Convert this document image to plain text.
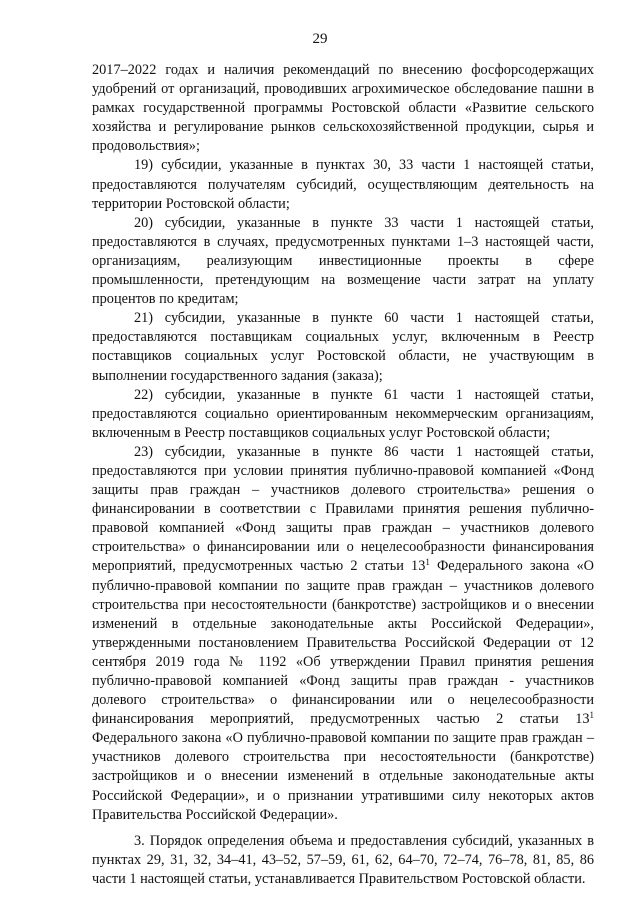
29

2017–2022 годах и наличия рекомендаций по внесению фосфорсодержащих удобрений от организаций, проводивших агрохимическое обследование пашни в рамках государственной программы Ростовской области «Развитие сельского хозяйства и регулирование рынков сельскохозяйственной продукции, сырья и продовольствия»;

19) субсидии, указанные в пунктах 30, 33 части 1 настоящей статьи, предоставляются получателям субсидий, осуществляющим деятельность на территории Ростовской области;

20) субсидии, указанные в пункте 33 части 1 настоящей статьи, предоставляются в случаях, предусмотренных пунктами 1–3 настоящей части, организациям, реализующим инвестиционные проекты в сфере промышленности, претендующим на возмещение части затрат на уплату процентов по кредитам;

21) субсидии, указанные в пункте 60 части 1 настоящей статьи, предоставляются поставщикам социальных услуг, включенным в Реестр поставщиков социальных услуг Ростовской области, не участвующим в выполнении государственного задания (заказа);

22) субсидии, указанные в пункте 61 части 1 настоящей статьи, предоставляются социально ориентированным некоммерческим организациям, включенным в Реестр поставщиков социальных услуг Ростовской области;

23) субсидии, указанные в пункте 86 части 1 настоящей статьи, предоставляются при условии принятия публично-правовой компанией «Фонд защиты прав граждан – участников долевого строительства» решения о финансировании в соответствии с Правилами принятия решения публично-правовой компанией «Фонд защиты прав граждан – участников долевого строительства» о финансировании или о нецелесообразности финансирования мероприятий, предусмотренных частью 2 статьи $13^1$ Федерального закона «О публично-правовой компании по защите прав граждан – участников долевого строительства при несостоятельности (банкротстве) застройщиков и о внесении изменений в отдельные законодательные акты Российской Федерации», утвержденными постановлением Правительства Российской Федерации от 12 сентября 2019 года № 1192 «Об утверждении Правил принятия решения публично-правовой компанией «Фонд защиты прав граждан - участников долевого строительства» о финансировании или о нецелесообразности финансирования мероприятий, предусмотренных частью 2 статьи $13^1$ Федерального закона «О публично-правовой компании по защите прав граждан – участников долевого строительства при несостоятельности (банкротстве) застройщиков и о внесении изменений в отдельные законодательные акты Российской Федерации», и о признании утратившими силу некоторых актов Правительства Российской Федерации».

3. Порядок определения объема и предоставления субсидий, указанных в пунктах 29, 31, 32, 34–41, 43–52, 57–59, 61, 62, 64–70, 72–74, 76–78, 81, 85, 86 части 1 настоящей статьи, устанавливается Правительством Ростовской области.
